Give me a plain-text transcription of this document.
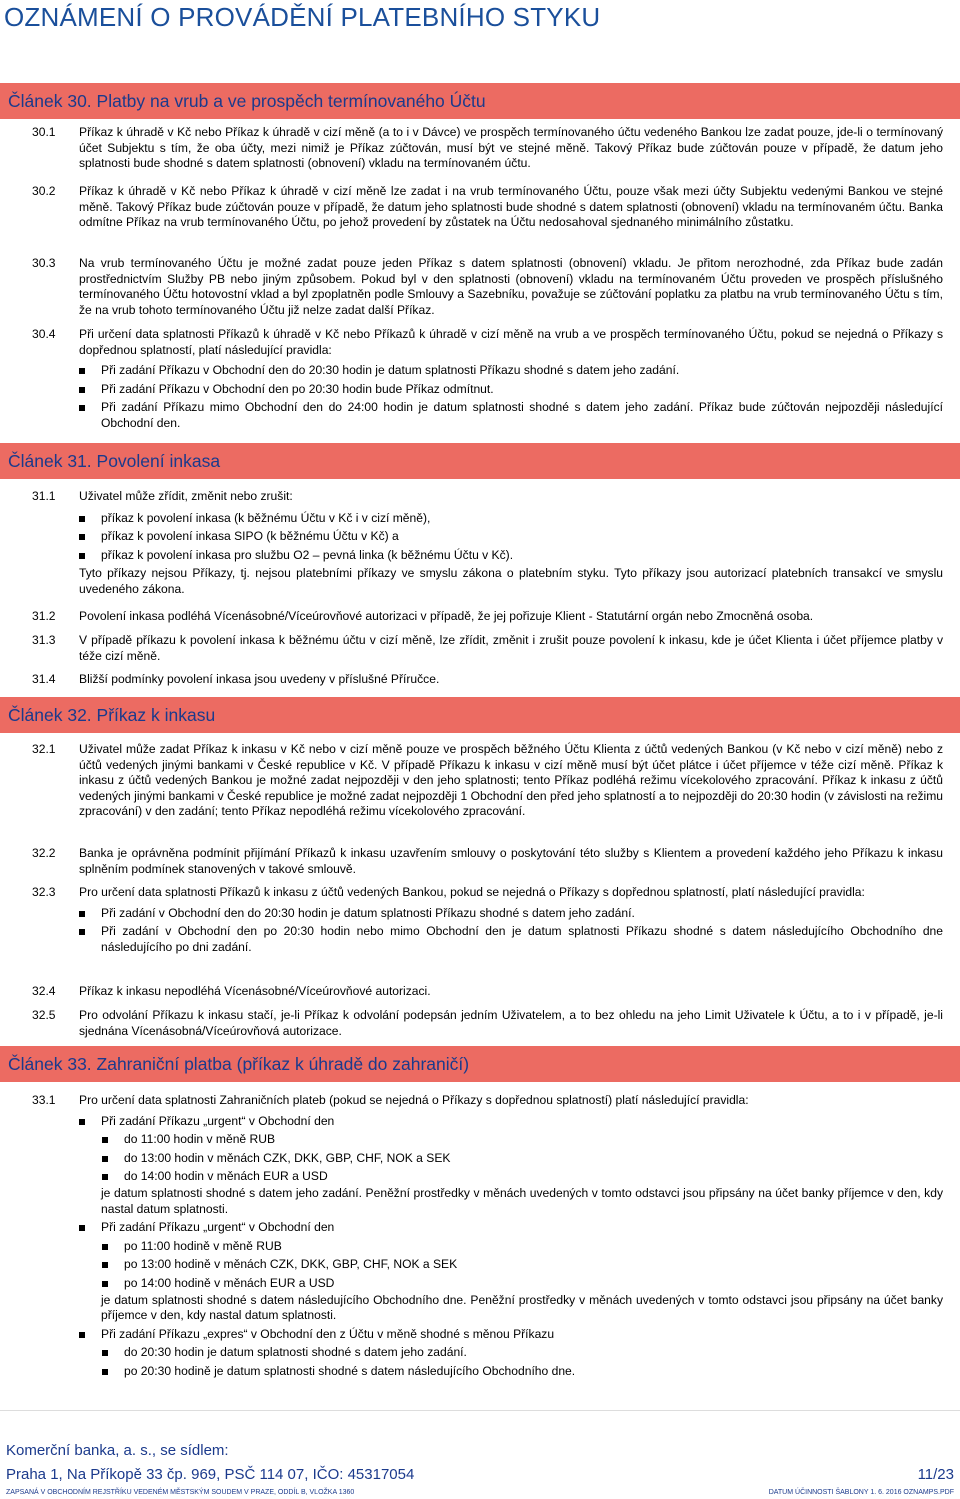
OZNÁMENÍ O PROVÁDĚNÍ PLATEBNÍHO STYKU
Článek 30. Platby na vrub a ve prospěch termínovaného Účtu
30.1	Příkaz k úhradě v Kč nebo Příkaz k úhradě v cizí měně (a to i v Dávce) ve prospěch termínovaného účtu vedeného Bankou lze zadat pouze, jde-li o termínovaný účet Subjektu s tím, že oba účty, mezi nimiž je Příkaz zúčtován, musí být ve stejné měně. Takový Příkaz bude zúčtován pouze v případě, že datum jeho splatnosti bude shodné s datem splatnosti (obnovení) vkladu na termínovaném účtu.

30.2	Příkaz k úhradě v Kč nebo Příkaz k úhradě v cizí měně lze zadat i na vrub termínovaného Účtu, pouze však mezi účty Subjektu vedenými Bankou ve stejné měně. Takový Příkaz bude zúčtován pouze v případě, že datum jeho splatnosti bude shodné s datem splatnosti (obnovení) vkladu na termínovaném účtu. Banka odmítne Příkaz na vrub termínovaného Účtu, po jehož provedení by zůstatek na Účtu nedosahoval sjednaného minimálního zůstatku.

30.3	Na vrub termínovaného Účtu je možné zadat pouze jeden Příkaz s datem splatnosti (obnovení) vkladu. Je přitom nerozhodné, zda Příkaz bude zadán prostřednictvím Služby PB nebo jiným způsobem. Pokud byl v den splatnosti (obnovení) vkladu na termínovaném Účtu proveden ve prospěch příslušného termínovaného Účtu hotovostní vklad a byl zpoplatněn podle Smlouvy a Sazebníku, považuje se zúčtování poplatku za platbu na vrub termínovaného Účtu s tím, že na vrub tohoto termínovaného Účtu již nelze zadat další Příkaz.

30.4	Při určení data splatnosti Příkazů k úhradě v Kč nebo Příkazů k úhradě v cizí měně na vrub a ve prospěch termínovaného Účtu, pokud se nejedná o Příkazy s dopřednou splatností, platí následující pravidla:

Při zadání Příkazu v Obchodní den do 20:30 hodin je datum splatnosti Příkazu shodné s datem jeho zadání.
Při zadání Příkazu v Obchodní den po 20:30 hodin bude Příkaz odmítnut.
Při zadání Příkazu mimo Obchodní den do 24:00 hodin je datum splatnosti shodné s datem jeho zadání. Příkaz bude zúčtován nejpozději následující Obchodní den.
Článek 31. Povolení inkasa
31.1	Uživatel může zřídit, změnit nebo zrušit:

příkaz k povolení inkasa (k běžnému Účtu v Kč i v cizí měně),
příkaz k povolení inkasa SIPO (k běžnému Účtu v Kč) a
příkaz k povolení inkasa pro službu O2 – pevná linka (k běžnému Účtu v Kč).

Tyto příkazy nejsou Příkazy, tj. nejsou platebními příkazy ve smyslu zákona o platebním styku. Tyto příkazy jsou autorizací platebních transakcí ve smyslu uvedeného zákona.

31.2	Povolení inkasa podléhá Vícenásobné/Víceúrovňové autorizaci v případě, že jej pořizuje Klient - Statutární orgán nebo Zmocněná osoba.

31.3	V případě příkazu k povolení inkasa k běžnému účtu v cizí měně, lze zřídit, změnit i zrušit pouze povolení k inkasu, kde je účet Klienta i účet příjemce platby v téže cizí měně.

31.4	Bližší podmínky povolení inkasa jsou uvedeny v příslušné Příručce.

Článek 32. Příkaz k inkasu
32.1	Uživatel může zadat Příkaz k inkasu v Kč nebo v cizí měně pouze ve prospěch běžného Účtu Klienta z účtů vedených Bankou (v Kč nebo v cizí měně) nebo z účtů vedených jinými bankami v České republice v Kč. V případě Příkazu k inkasu v cizí měně musí být účet plátce i účet příjemce v téže cizí měně. Příkaz k inkasu z účtů vedených Bankou je možné zadat nejpozději v den jeho splatnosti; tento Příkaz podléhá režimu vícekolového zpracování. Příkaz k inkasu z účtů vedených jinými bankami v České republice je možné zadat nejpozději 1 Obchodní den před jeho splatností a to nejpozději do 20:30 hodin (v závislosti na režimu zpracování) v den zadání; tento Příkaz nepodléhá režimu vícekolového zpracování.

32.2	Banka je oprávněna podmínit přijímání Příkazů k inkasu uzavřením smlouvy o poskytování této služby s Klientem a provedení každého jeho Příkazu k inkasu splněním podmínek stanovených v takové smlouvě.

32.3	Pro určení data splatnosti Příkazů k inkasu z účtů vedených Bankou, pokud se nejedná o Příkazy s dopřednou splatností, platí následující pravidla:

Při zadání v Obchodní den do 20:30 hodin je datum splatnosti Příkazu shodné s datem jeho zadání.
Při zadání v Obchodní den po 20:30 hodin nebo mimo Obchodní den je datum splatnosti Příkazu shodné s datem následujícího Obchodního dne následujícího po dni zadání.
32.4	Příkaz k inkasu nepodléhá Vícenásobné/Víceúrovňové autorizaci.

32.5	Pro odvolání Příkazu k inkasu stačí, je-li Příkaz k odvolání podepsán jedním Uživatelem, a to bez ohledu na jeho Limit Uživatele k Účtu, a to i v případě, je-li sjednána Vícenásobná/Víceúrovňová autorizace.

Článek 33. Zahraniční platba (příkaz k úhradě do zahraničí)
33.1	Pro určení data splatnosti Zahraničních plateb (pokud se nejedná o Příkazy s dopřednou splatností) platí následující pravidla:

Při zadání Příkazu „urgent“ v Obchodní den
do 11:00 hodin v měně RUB
do 13:00 hodin v měnách CZK, DKK, GBP, CHF, NOK a SEK
do 14:00 hodin v měnách EUR a USD

je datum splatnosti shodné s datem jeho zadání. Peněžní prostředky v měnách uvedených v tomto odstavci jsou připsány na účet banky příjemce v den, kdy nastal datum splatnosti.

Při zadání Příkazu „urgent“ v Obchodní den
po 11:00 hodině v měně RUB
po 13:00 hodině v měnách CZK, DKK, GBP, CHF, NOK a SEK
po 14:00 hodině v měnách EUR a USD

je datum splatnosti shodné s datem následujícího Obchodního dne. Peněžní prostředky v měnách uvedených v tomto odstavci jsou připsány na účet banky příjemce v den, kdy nastal datum splatnosti.

Při zadání Příkazu „expres“ v Obchodní den z Účtu v měně shodné s měnou Příkazu
do 20:30 hodin je datum splatnosti shodné s datem jeho zadání.
po 20:30 hodině je datum splatnosti shodné s datem následujícího Obchodního dne.
Komerční banka, a. s., se sídlem:
Praha 1, Na Příkopě 33 čp. 969, PSČ 114 07, IČO: 45317054	11/23
ZAPSANÁ V OBCHODNÍM REJSTŘÍKU VEDENÉM MĚSTSKÝM SOUDEM V PRAZE, ODDÍL B, VLOŽKA 1360	DATUM ÚČINNOSTI ŠABLONY 1. 6. 2016 OZNAMPS.PDF
